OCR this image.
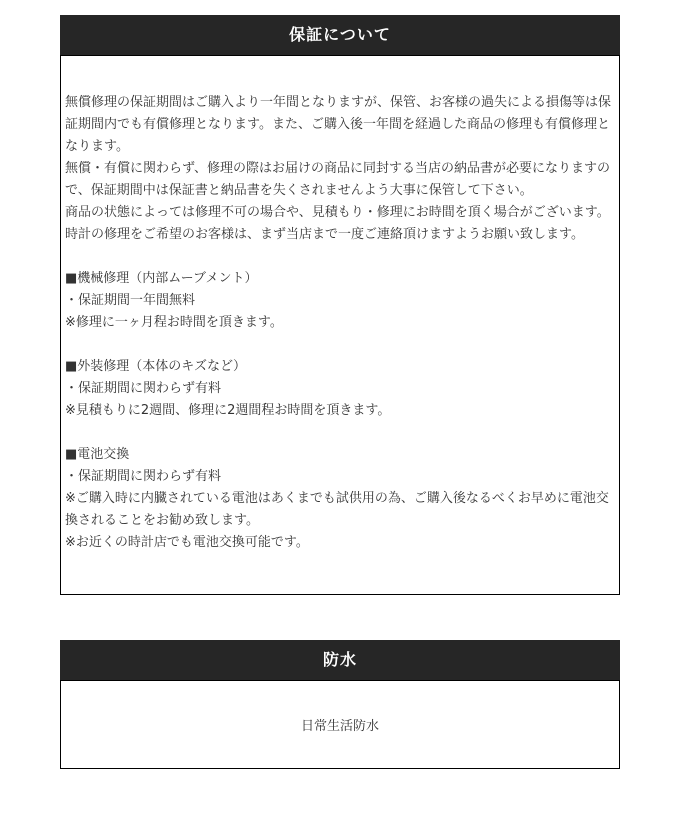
保証について

無償修理の保証期間はご購入より一年間となりますが、保管、お客様の過失による損傷等は保証期間内でも有償修理となります。また、ご購入後一年間を経過した商品の修理も有償修理となります。

無償・有償に関わらず、修理の際はお届けの商品に同封する当店の納品書が必要になりますので、保証期間中は保証書と納品書を失くされませんよう大事に保管して下さい。

商品の状態によっては修理不可の場合や、見積もり・修理にお時間を頂く場合がございます。

時計の修理をご希望のお客様は、まず当店まで一度ご連絡頂けますようお願い致します。

■機械修理（内部ムーブメント）

・保証期間一年間無料

※修理に一ヶ月程お時間を頂きます。

■外装修理（本体のキズなど）

・保証期間に関わらず有料

※見積もりに2週間、修理に2週間程お時間を頂きます。

■電池交換

・保証期間に関わらず有料

※ご購入時に内臓されている電池はあくまでも試供用の為、ご購入後なるべくお早めに電池交換されることをお勧め致します。

※お近くの時計店でも電池交換可能です。

防水
日常生活防水
